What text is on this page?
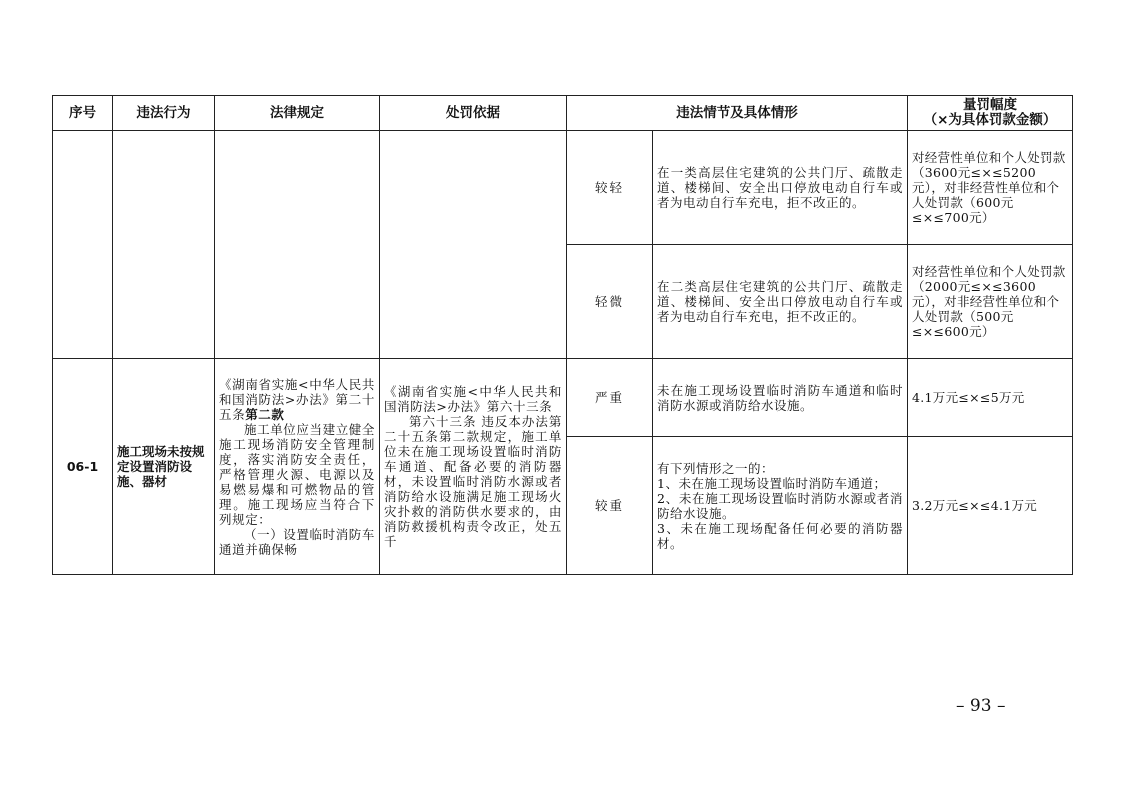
序号	违法行为	法律规定	处罚依据	违法情节及具体情形		量罚幅度
（×为具体罚款金额）

				较轻	在一类高层住宅建筑的公共门厅、疏散走道、楼梯间、安全出口停放电动自行车或者为电动自行车充电，拒不改正的。	对经营性单位和个人处罚款（3600元≤×≤5200元），对非经营性单位和个人处罚款（600元≤×≤700元）
				轻微	在二类高层住宅建筑的公共门厅、疏散走道、楼梯间、安全出口停放电动自行车或者为电动自行车充电，拒不改正的。	对经营性单位和个人处罚款（2000元≤×≤3600元），对非经营性单位和个人处罚款（500元≤×≤600元）
06-1	施工现场未按规定设置消防设施、器材	《湖南省实施<中华人民共和国消防法>办法》第二十五条第二款
施工单位应当建立健全施工现场消防安全管理制度，落实消防安全责任，严格管理火源、电源以及易燃易爆和可燃物品的管理。施工现场应当符合下列规定：
（一）设置临时消防车通道并确保畅	《湖南省实施<中华人民共和国消防法>办法》第六十三条
第六十三条 违反本办法第二十五条第二款规定，施工单位未在施工现场设置临时消防车通道、配备必要的消防器材，未设置临时消防水源或者消防给水设施满足施工现场火灾扑救的消防供水要求的，由消防救援机构责令改正，处五千	严重	未在施工现场设置临时消防车通道和临时消防水源或消防给水设施。	4.1万元≤×≤5万元
				较重	有下列情形之一的：
1、未在施工现场设置临时消防车通道；
2、未在施工现场设置临时消防水源或者消防给水设施。
3、未在施工现场配备任何必要的消防器材。	3.2万元≤×≤4.1万元
– 93 –
